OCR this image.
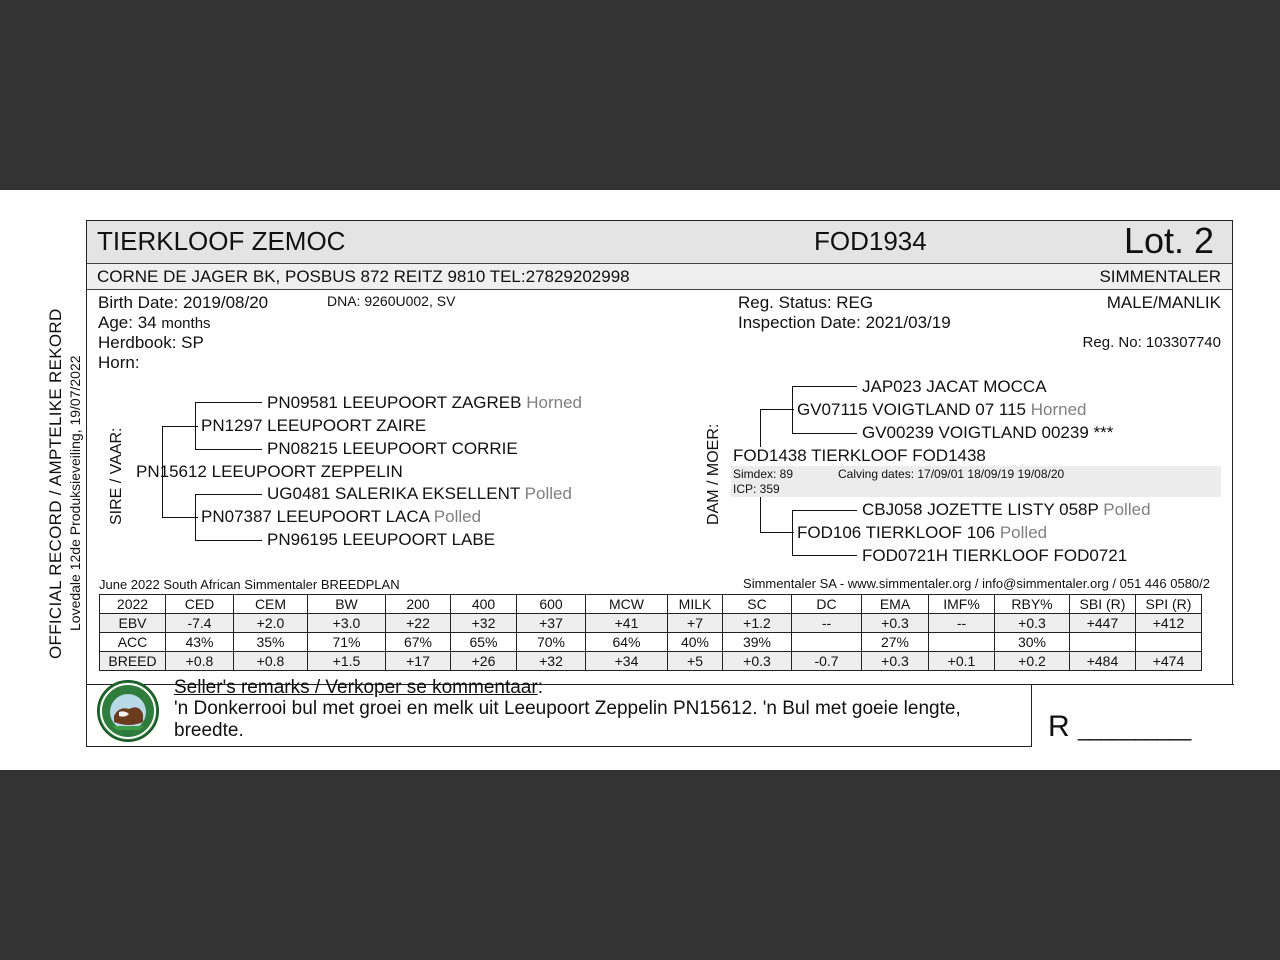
OFFICIAL RECORD / AMPTELIKE REKORD Lovedale 12de Produksieveiling, 19/07/2022
TIERKLOOF ZEMOC	FOD1934	Lot. 2
CORNE DE JAGER BK, POSBUS 872 REITZ 9810 TEL:27829202998	SIMMENTALER
Birth Date: 2019/08/20	DNA: 9260U002, SV
Age: 34 months
Herdbook: SP
Horn:
Reg. Status: REG
Inspection Date: 2021/03/19
MALE/MANLIK
Reg. No: 103307740
SIRE / VAAR:
PN09581 LEEUPOORT ZAGREB Horned
PN1297 LEEUPOORT ZAIRE
PN08215 LEEUPOORT CORRIE
PN15612 LEEUPOORT ZEPPELIN
UG0481 SALERIKA EKSELLENT Polled
PN07387 LEEUPOORT LACA Polled
PN96195 LEEUPOORT LABE
DAM / MOER:
JAP023 JACAT MOCCA
GV07115 VOIGTLAND 07 115 Horned
GV00239 VOIGTLAND 00239 ***
FOD1438 TIERKLOOF FOD1438
Simdex: 89	Calving dates: 17/09/01 18/09/19 19/08/20
ICP: 359
CBJ058 JOZETTE LISTY 058P Polled
FOD106 TIERKLOOF 106 Polled
FOD0721H TIERKLOOF FOD0721
June 2022 South African Simmentaler BREEDPLAN	Simmentaler SA - www.simmentaler.org / info@simmentaler.org / 051 446 0580/2
2022	CED	CEM	BW	200	400	600	MCW	MILK	SC	DC	EMA	IMF%	RBY%	SBI (R)	SPI (R)
EBV	-7.4	+2.0	+3.0	+22	+32	+37	+41	+7	+1.2	--	+0.3	--	+0.3	+447	+412
ACC	43%	35%	71%	67%	65%	70%	64%	40%	39%		27%		30%		
BREED	+0.8	+0.8	+1.5	+17	+26	+32	+34	+5	+0.3	-0.7	+0.3	+0.1	+0.2	+484	+474
Seller's remarks / Verkoper se kommentaar:
'n Donkerrooi bul met groei en melk uit Leeupoort Zeppelin PN15612. 'n Bul met goeie lengte,
breedte.	R __________
